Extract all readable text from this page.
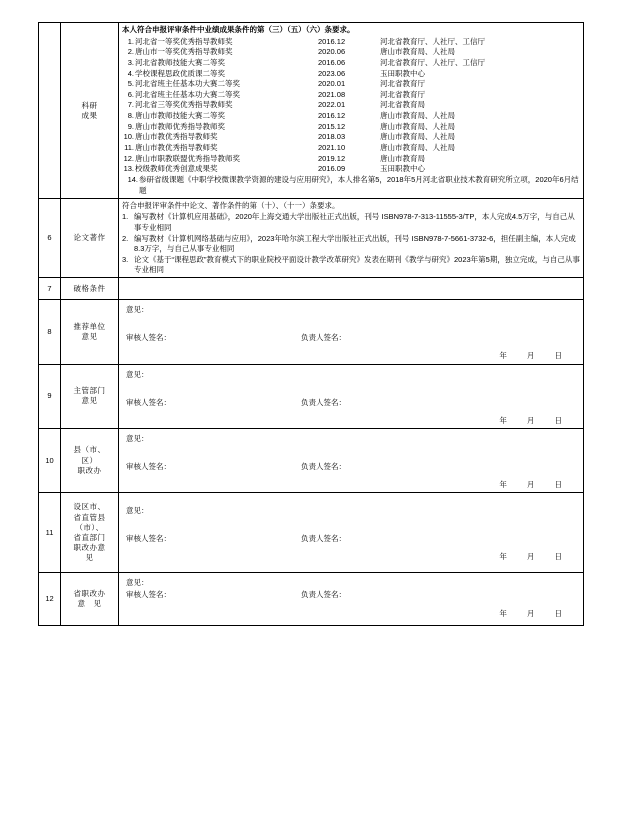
科研
成果

本人符合申报评审条件中业绩成果条件的第（三）（五）（六）条要求。
1. 河北省一等奖优秀指导教师奖	2016.12	河北省教育厅、人社厅、工信厅
2. 唐山市一等奖优秀指导教师奖	2020.06	唐山市教育局、人社局
3. 河北省教师技能大赛二等奖	2016.06	河北省教育厅、人社厅、工信厅
4. 学校课程思政优质课二等奖	2023.06	玉田职教中心
5. 河北省班主任基本功大赛二等奖	2020.01	河北省教育厅
6. 河北省班主任基本功大赛二等奖	2021.08	河北省教育厅
7. 河北省三等奖优秀指导教师奖	2022.01	河北省教育局
8. 唐山市教师技能大赛二等奖	2016.12	唐山市教育局、人社局
9. 唐山市教师优秀指导教师奖	2015.12	唐山市教育局、人社局
10. 唐山市教优秀指导教师奖	2018.03	唐山市教育局、人社局
11. 唐山市教优秀指导教师奖	2021.10	唐山市教育局、人社局
12. 唐山市职教联盟优秀指导教师奖	2019.12	唐山市教育局
13. 校级教师优秀创意成果奖	2016.09	玉田职教中心
14. 参研省级课题《中职学校微课教学资源的建设与应用研究》，本人排名第5，2018年5月河北省职业技术教育研究所立项，2020年6月结题

6	论文著作	
符合申报评审条件中论文、著作条件的第（十）、（十一）条要求。
1. 编写教材《计算机应用基础》，2020年上海交通大学出版社正式出版，刊号 ISBN978-7-313-11555-3/TP，本人完成4.5万字，与自己从事专业相同
2. 编写教材《计算机网络基础与应用》，2023年哈尔滨工程大学出版社正式出版，刊号 ISBN978-7-5661-3732-6，担任副主编，本人完成8.3万字，与自己从事专业相同
3. 论文《基于“课程思政”教育模式下的职业院校平面设计教学改革研究》发表在期刊《教学与研究》2023年第5期，独立完成，与自己从事专业相同

7	破格条件	
8	
推荐单位
意见

意见：
审核人签名：	负责人签名：
年	月	日

9	
主管部门
意见

意见：
审核人签名：	负责人签名：
年	月	日

10	
县（市、
区）
职改办

意见：
审核人签名：	负责人签名：
年	月	日

11	
设区市、
省直管县
（市）、
省直部门
职改办意
见

意见：
审核人签名：	负责人签名：
年	月	日

12	
省职改办
意　见

意见：
审核人签名：	负责人签名：
年	月	日
